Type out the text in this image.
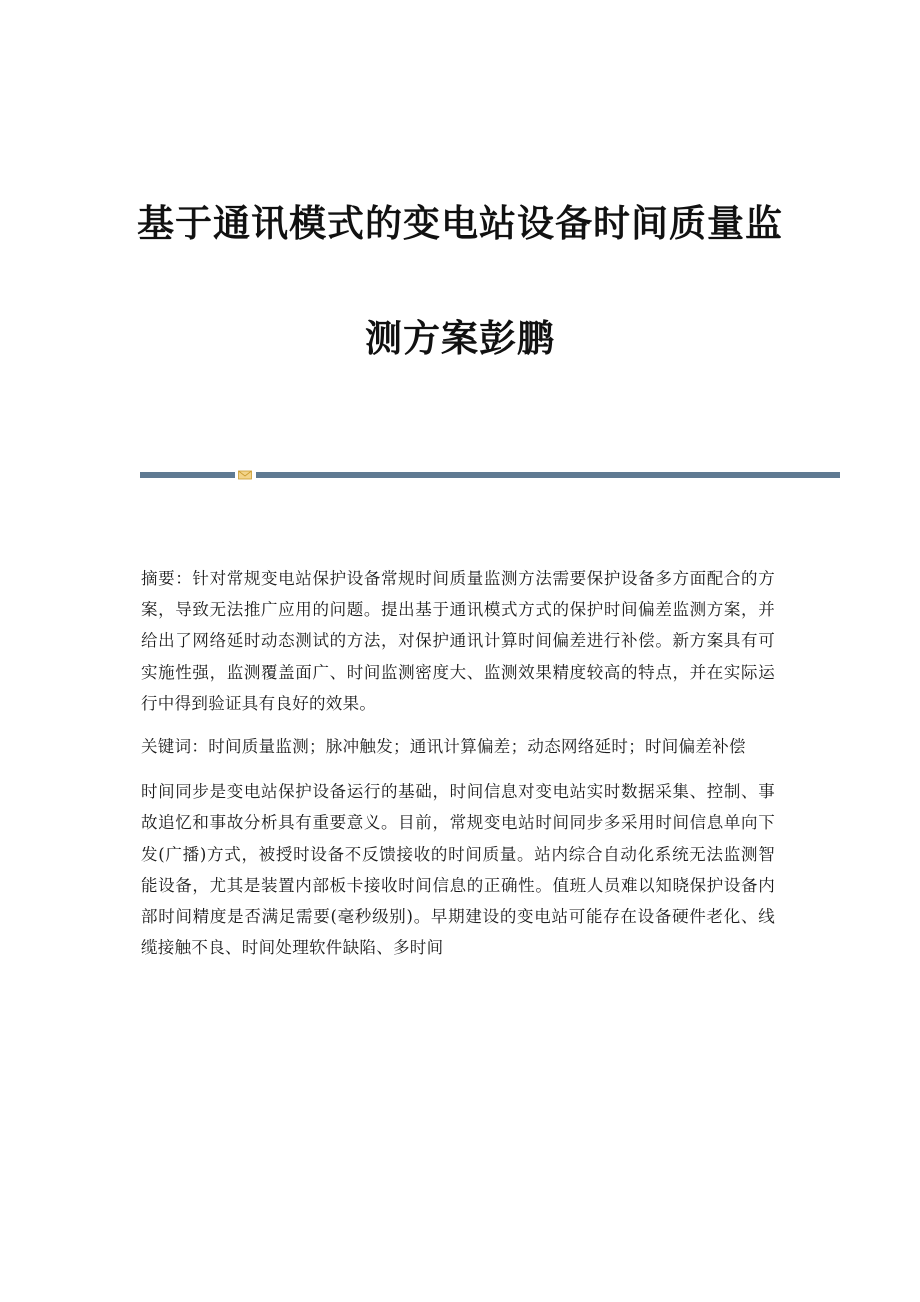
基于通讯模式的变电站设备时间质量监
测方案彭鹏

摘要：针对常规变电站保护设备常规时间质量监测方法需要保护设备多方面配合的方案，导致无法推广应用的问题。提出基于通讯模式方式的保护时间偏差监测方案，并给出了网络延时动态测试的方法，对保护通讯计算时间偏差进行补偿。新方案具有可实施性强，监测覆盖面广、时间监测密度大、监测效果精度较高的特点，并在实际运行中得到验证具有良好的效果。

关键词：时间质量监测；脉冲触发；通讯计算偏差；动态网络延时；时间偏差补偿

时间同步是变电站保护设备运行的基础，时间信息对变电站实时数据采集、控制、事故追忆和事故分析具有重要意义。目前，常规变电站时间同步多采用时间信息单向下发(广播)方式，被授时设备不反馈接收的时间质量。站内综合自动化系统无法监测智能设备，尤其是装置内部板卡接收时间信息的正确性。值班人员难以知晓保护设备内部时间精度是否满足需要(毫秒级别)。早期建设的变电站可能存在设备硬件老化、线缆接触不良、时间处理软件缺陷、多时间
